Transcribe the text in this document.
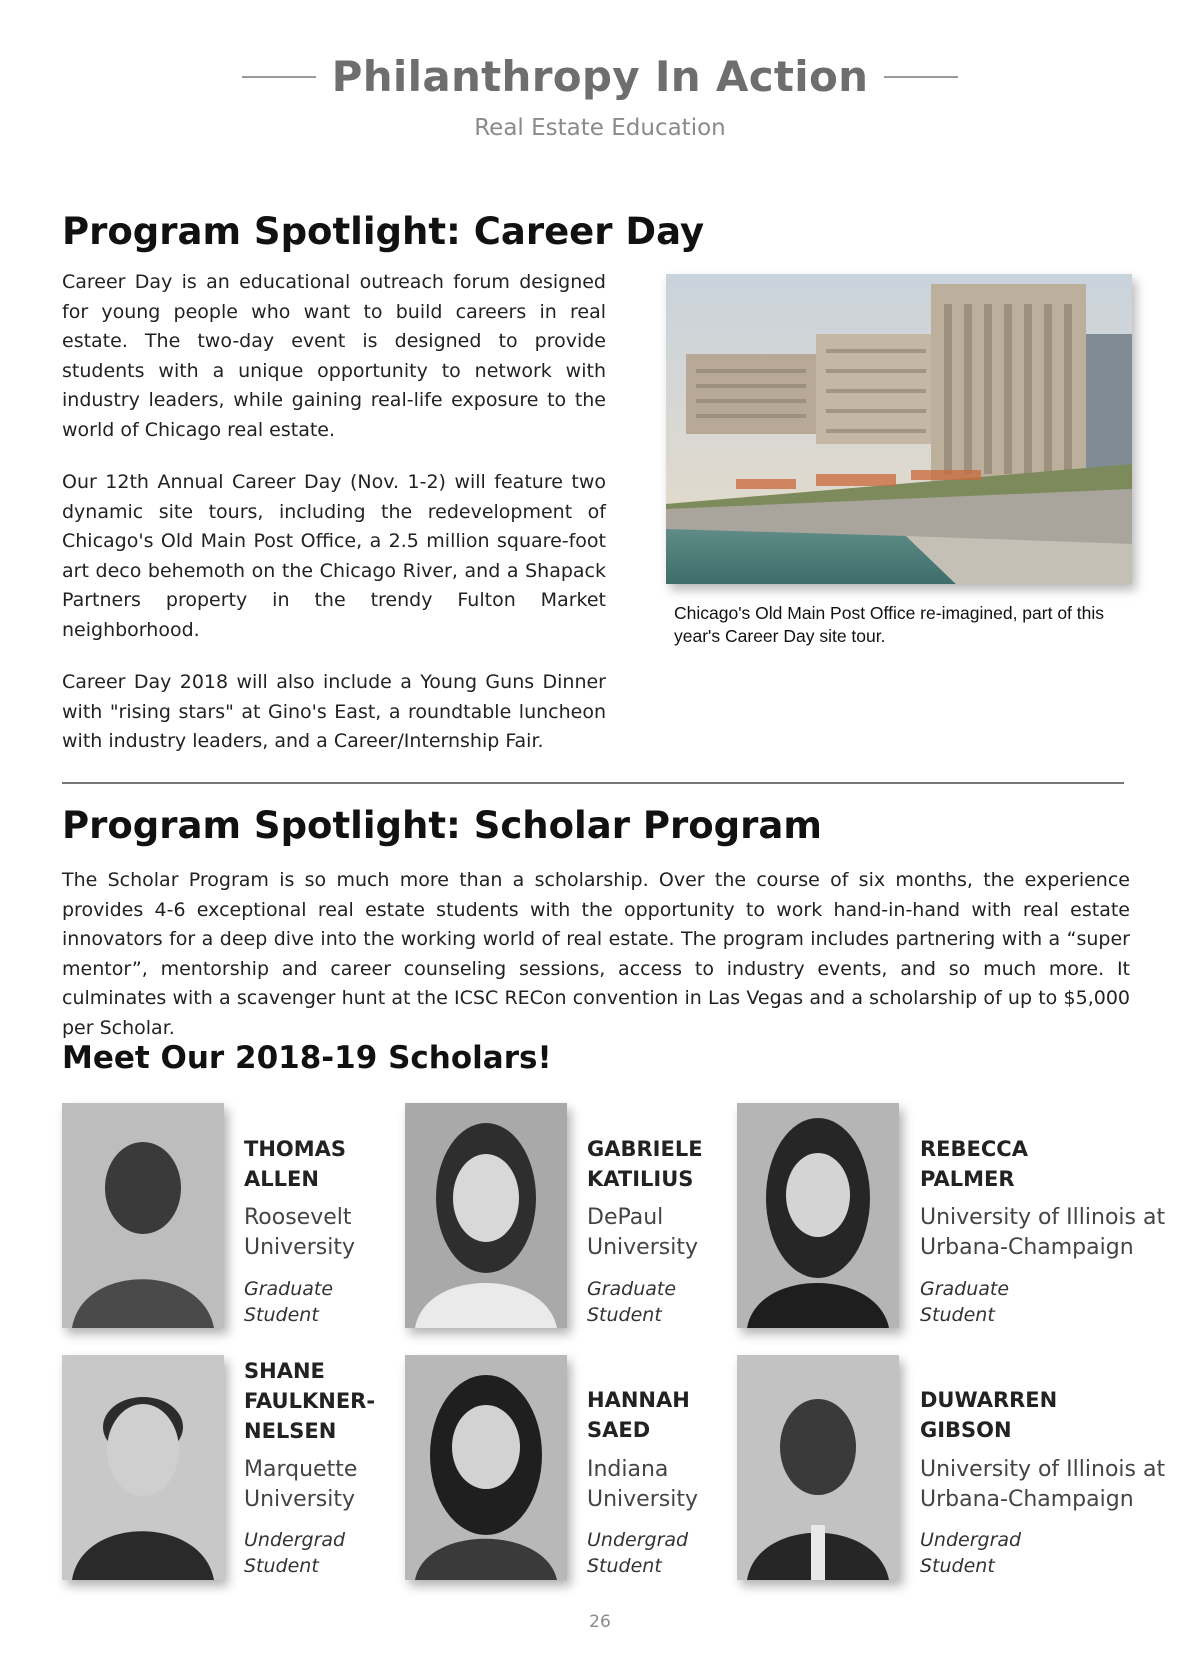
Philanthropy In Action
Real Estate Education
Program Spotlight: Career Day

Career Day is an educational outreach forum designed for young people who want to build careers in real estate. The two-day event is designed to provide students with a unique opportunity to network with industry leaders, while gaining real-life exposure to the world of Chicago real estate.

Our 12th Annual Career Day (Nov. 1-2) will feature two dynamic site tours, including the redevelopment of Chicago's Old Main Post Office, a 2.5 million square-foot art deco behemoth on the Chicago River, and a Shapack Partners property in the trendy Fulton Market neighborhood.

Career Day 2018 will also include a Young Guns Dinner with "rising stars" at Gino's East, a roundtable luncheon with industry leaders, and a Career/Internship Fair.

Chicago's Old Main Post Office re-imagined, part of this year's Career Day site tour.

Program Spotlight: Scholar Program

The Scholar Program is so much more than a scholarship. Over the course of six months, the experience provides 4-6 exceptional real estate students with the opportunity to work hand-in-hand with real estate innovators for a deep dive into the working world of real estate. The program includes partnering with a “super mentor”, mentorship and career counseling sessions, access to industry events, and so much more. It culminates with a scavenger hunt at the ICSC RECon convention in Las Vegas and a scholarship of up to $5,000 per Scholar.

Meet Our 2018-19 Scholars!
THOMAS ALLEN
Roosevelt University
Graduate Student
GABRIELE KATILIUS
DePaul University
Graduate Student
REBECCA PALMER
University of Illinois at Urbana-Champaign
Graduate Student
SHANE FAULKNER-NELSEN
Marquette University
Undergrad Student
HANNAH SAED
Indiana University
Undergrad Student
DUWARREN GIBSON
University of Illinois at Urbana-Champaign
Undergrad Student
26
